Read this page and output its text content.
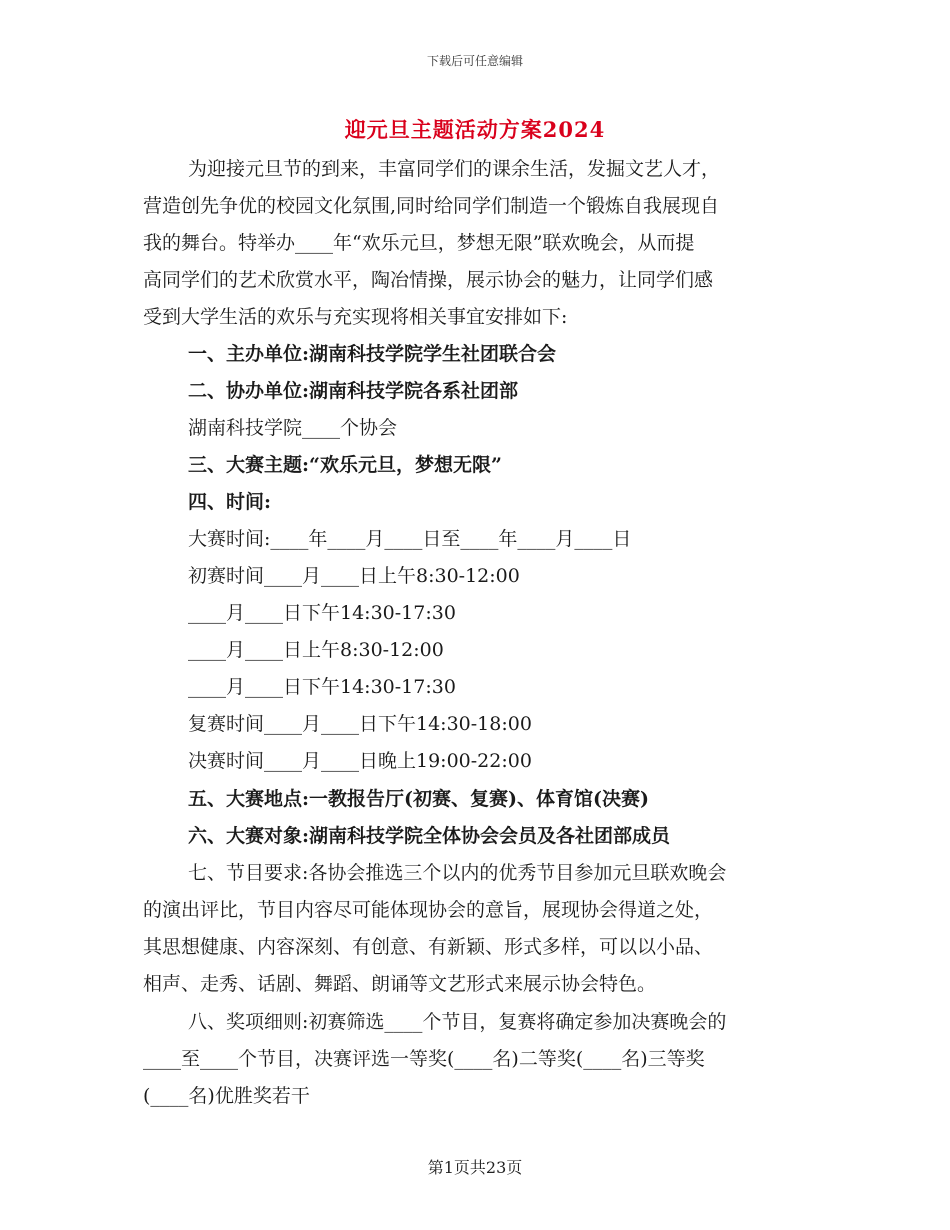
下载后可任意编辑
迎元旦主题活动方案2024
为迎接元旦节的到来，丰富同学们的课余生活，发掘文艺人才，
营造创先争优的校园文化氛围,同时给同学们制造一个锻炼自我展现自
我的舞台。特举办____年“欢乐元旦，梦想无限”联欢晚会，从而提
高同学们的艺术欣赏水平，陶冶情操，展示协会的魅力，让同学们感
受到大学生活的欢乐与充实现将相关事宜安排如下:
一、主办单位:湖南科技学院学生社团联合会
二、协办单位:湖南科技学院各系社团部
湖南科技学院____个协会
三、大赛主题:“欢乐元旦，梦想无限”
四、时间:
大赛时间:____年____月____日至____年____月____日
初赛时间____月____日上午8:30-12:00
____月____日下午14:30-17:30
____月____日上午8:30-12:00
____月____日下午14:30-17:30
复赛时间____月____日下午14:30-18:00
决赛时间____月____日晚上19:00-22:00
五、大赛地点:一教报告厅(初赛、复赛)、体育馆(决赛)
六、大赛对象:湖南科技学院全体协会会员及各社团部成员
七、节目要求:各协会推选三个以内的优秀节目参加元旦联欢晚会
的演出评比，节目内容尽可能体现协会的意旨，展现协会得道之处，
其思想健康、内容深刻、有创意、有新颖、形式多样，可以以小品、
相声、走秀、话剧、舞蹈、朗诵等文艺形式来展示协会特色。
八、奖项细则:初赛筛选____个节目，复赛将确定参加决赛晚会的
____至____个节目，决赛评选一等奖(____名)二等奖(____名)三等奖
(____名)优胜奖若干
第1页共23页
